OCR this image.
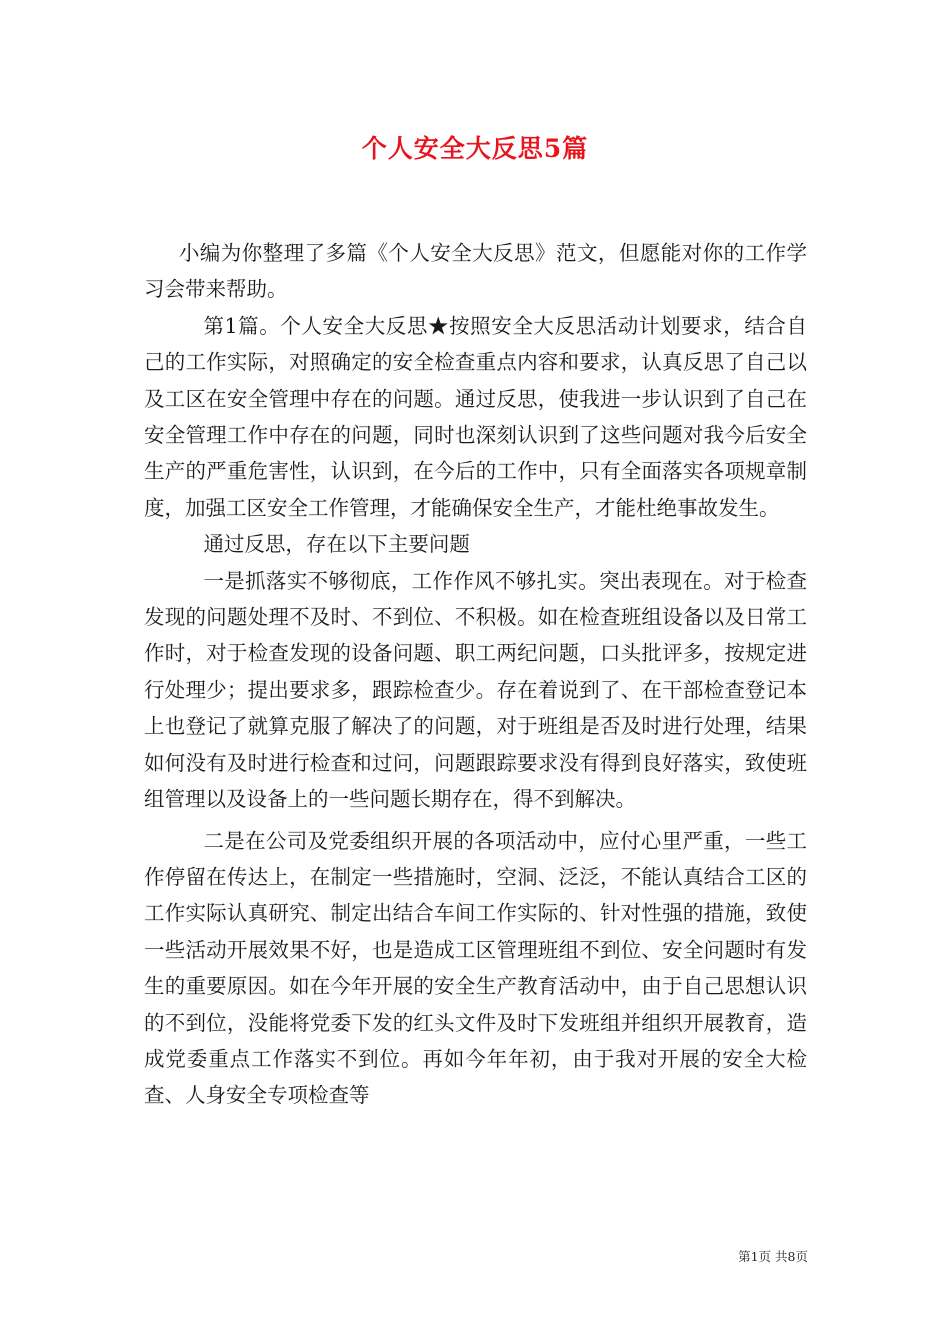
个人安全大反思5篇

小编为你整理了多篇《个人安全大反思》范文，但愿能对你的工作学习会带来帮助。

第1篇。个人安全大反思★按照安全大反思活动计划要求，结合自己的工作实际，对照确定的安全检查重点内容和要求，认真反思了自己以及工区在安全管理中存在的问题。通过反思，使我进一步认识到了自己在安全管理工作中存在的问题，同时也深刻认识到了这些问题对我今后安全生产的严重危害性，认识到，在今后的工作中，只有全面落实各项规章制度，加强工区安全工作管理，才能确保安全生产，才能杜绝事故发生。

通过反思，存在以下主要问题

一是抓落实不够彻底，工作作风不够扎实。突出表现在。对于检查发现的问题处理不及时、不到位、不积极。如在检查班组设备以及日常工作时，对于检查发现的设备问题、职工两纪问题，口头批评多，按规定进行处理少；提出要求多，跟踪检查少。存在着说到了、在干部检查登记本上也登记了就算克服了解决了的问题，对于班组是否及时进行处理，结果如何没有及时进行检查和过问，问题跟踪要求没有得到良好落实，致使班组管理以及设备上的一些问题长期存在，得不到解决。

二是在公司及党委组织开展的各项活动中，应付心里严重，一些工作停留在传达上，在制定一些措施时，空洞、泛泛，不能认真结合工区的工作实际认真研究、制定出结合车间工作实际的、针对性强的措施，致使一些活动开展效果不好，也是造成工区管理班组不到位、安全问题时有发生的重要原因。如在今年开展的安全生产教育活动中，由于自己思想认识的不到位，没能将党委下发的红头文件及时下发班组并组织开展教育，造成党委重点工作落实不到位。再如今年年初，由于我对开展的安全大检查、人身安全专项检查等

第1页 共8页
